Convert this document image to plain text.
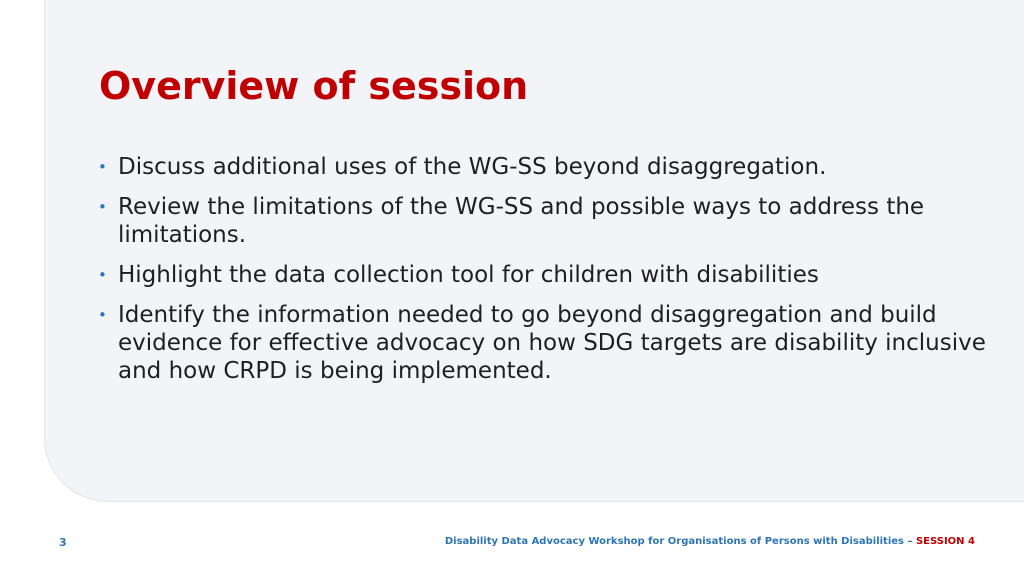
Overview of session
• Discuss additional uses of the WG-SS beyond disaggregation.
• Review the limitations of the WG-SS and possible ways to address the limitations.
• Highlight the data collection tool for children with disabilities
• Identify the information needed to go beyond disaggregation and build evidence for effective advocacy on how SDG targets are disability inclusive and how CRPD is being implemented.
3	Disability Data Advocacy Workshop for Organisations of Persons with Disabilities – SESSION 4
